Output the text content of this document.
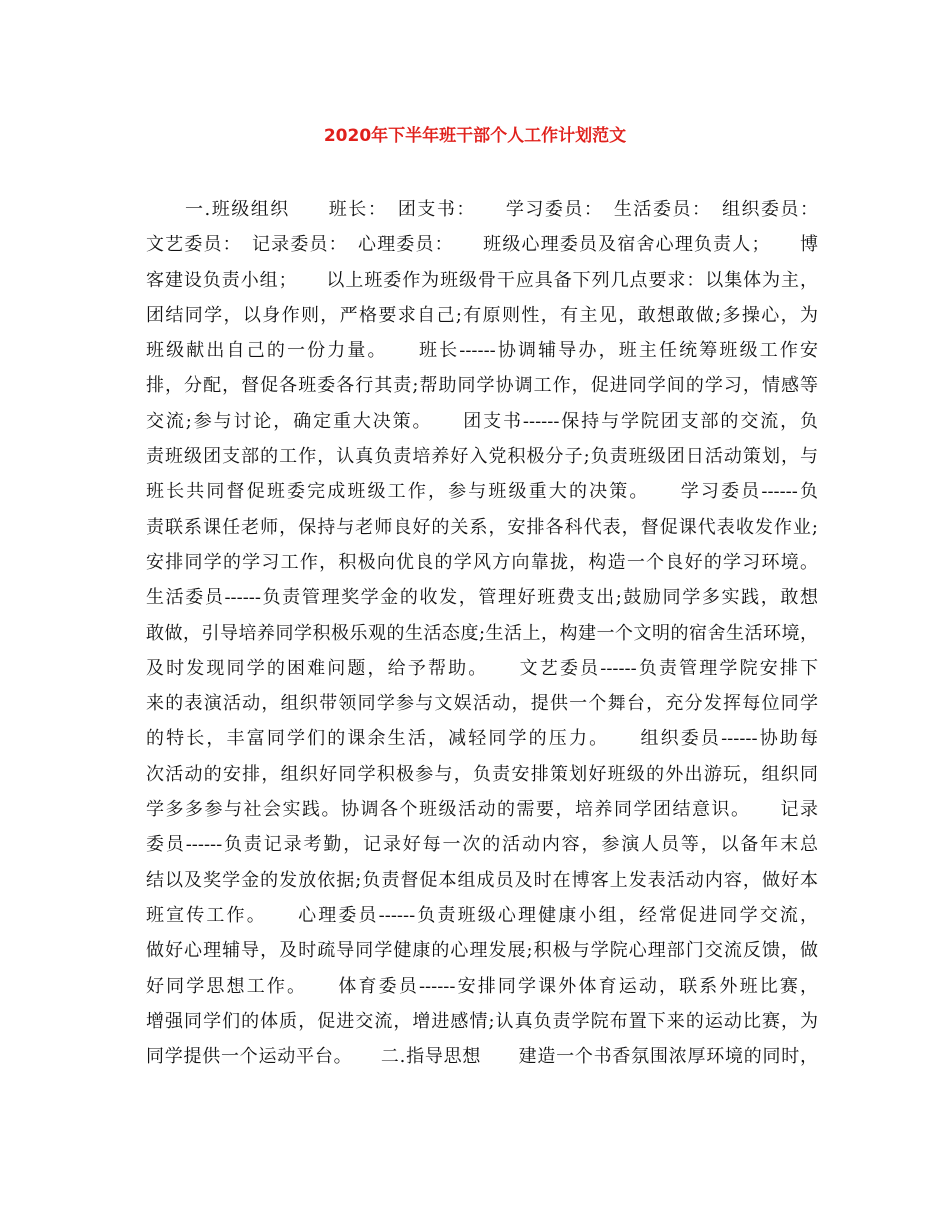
2020年下半年班干部个人工作计划范文
　　一.班级组织　　班长：　团支书：　　学习委员：　生活委员：　组织委员：
文艺委员：　记录委员：　心理委员：　　班级心理委员及宿舍心理负责人；　　博
客建设负责小组；　　以上班委作为班级骨干应具备下列几点要求：以集体为主，
团结同学，以身作则，严格要求自己;有原则性，有主见，敢想敢做;多操心，为
班级献出自己的一份力量。　　班长------协调辅导办，班主任统筹班级工作安
排，分配，督促各班委各行其责;帮助同学协调工作，促进同学间的学习，情感等
交流;参与讨论，确定重大决策。　　团支书------保持与学院团支部的交流，负
责班级团支部的工作，认真负责培养好入党积极分子;负责班级团日活动策划，与
班长共同督促班委完成班级工作，参与班级重大的决策。　　学习委员------负
责联系课任老师，保持与老师良好的关系，安排各科代表，督促课代表收发作业;
安排同学的学习工作，积极向优良的学风方向靠拢，构造一个良好的学习环境。
生活委员------负责管理奖学金的收发，管理好班费支出;鼓励同学多实践，敢想
敢做，引导培养同学积极乐观的生活态度;生活上，构建一个文明的宿舍生活环境，
及时发现同学的困难问题，给予帮助。　　文艺委员------负责管理学院安排下
来的表演活动，组织带领同学参与文娱活动，提供一个舞台，充分发挥每位同学
的特长，丰富同学们的课余生活，减轻同学的压力。　　组织委员------协助每
次活动的安排，组织好同学积极参与，负责安排策划好班级的外出游玩，组织同
学多多参与社会实践。协调各个班级活动的需要，培养同学团结意识。　　记录
委员------负责记录考勤，记录好每一次的活动内容，参演人员等，以备年末总
结以及奖学金的发放依据;负责督促本组成员及时在博客上发表活动内容，做好本
班宣传工作。　　心理委员------负责班级心理健康小组，经常促进同学交流，
做好心理辅导，及时疏导同学健康的心理发展;积极与学院心理部门交流反馈，做
好同学思想工作。　　体育委员------安排同学课外体育运动，联系外班比赛，
增强同学们的体质，促进交流，增进感情;认真负责学院布置下来的运动比赛，为
同学提供一个运动平台。　　二.指导思想　　建造一个书香氛围浓厚环境的同时，
